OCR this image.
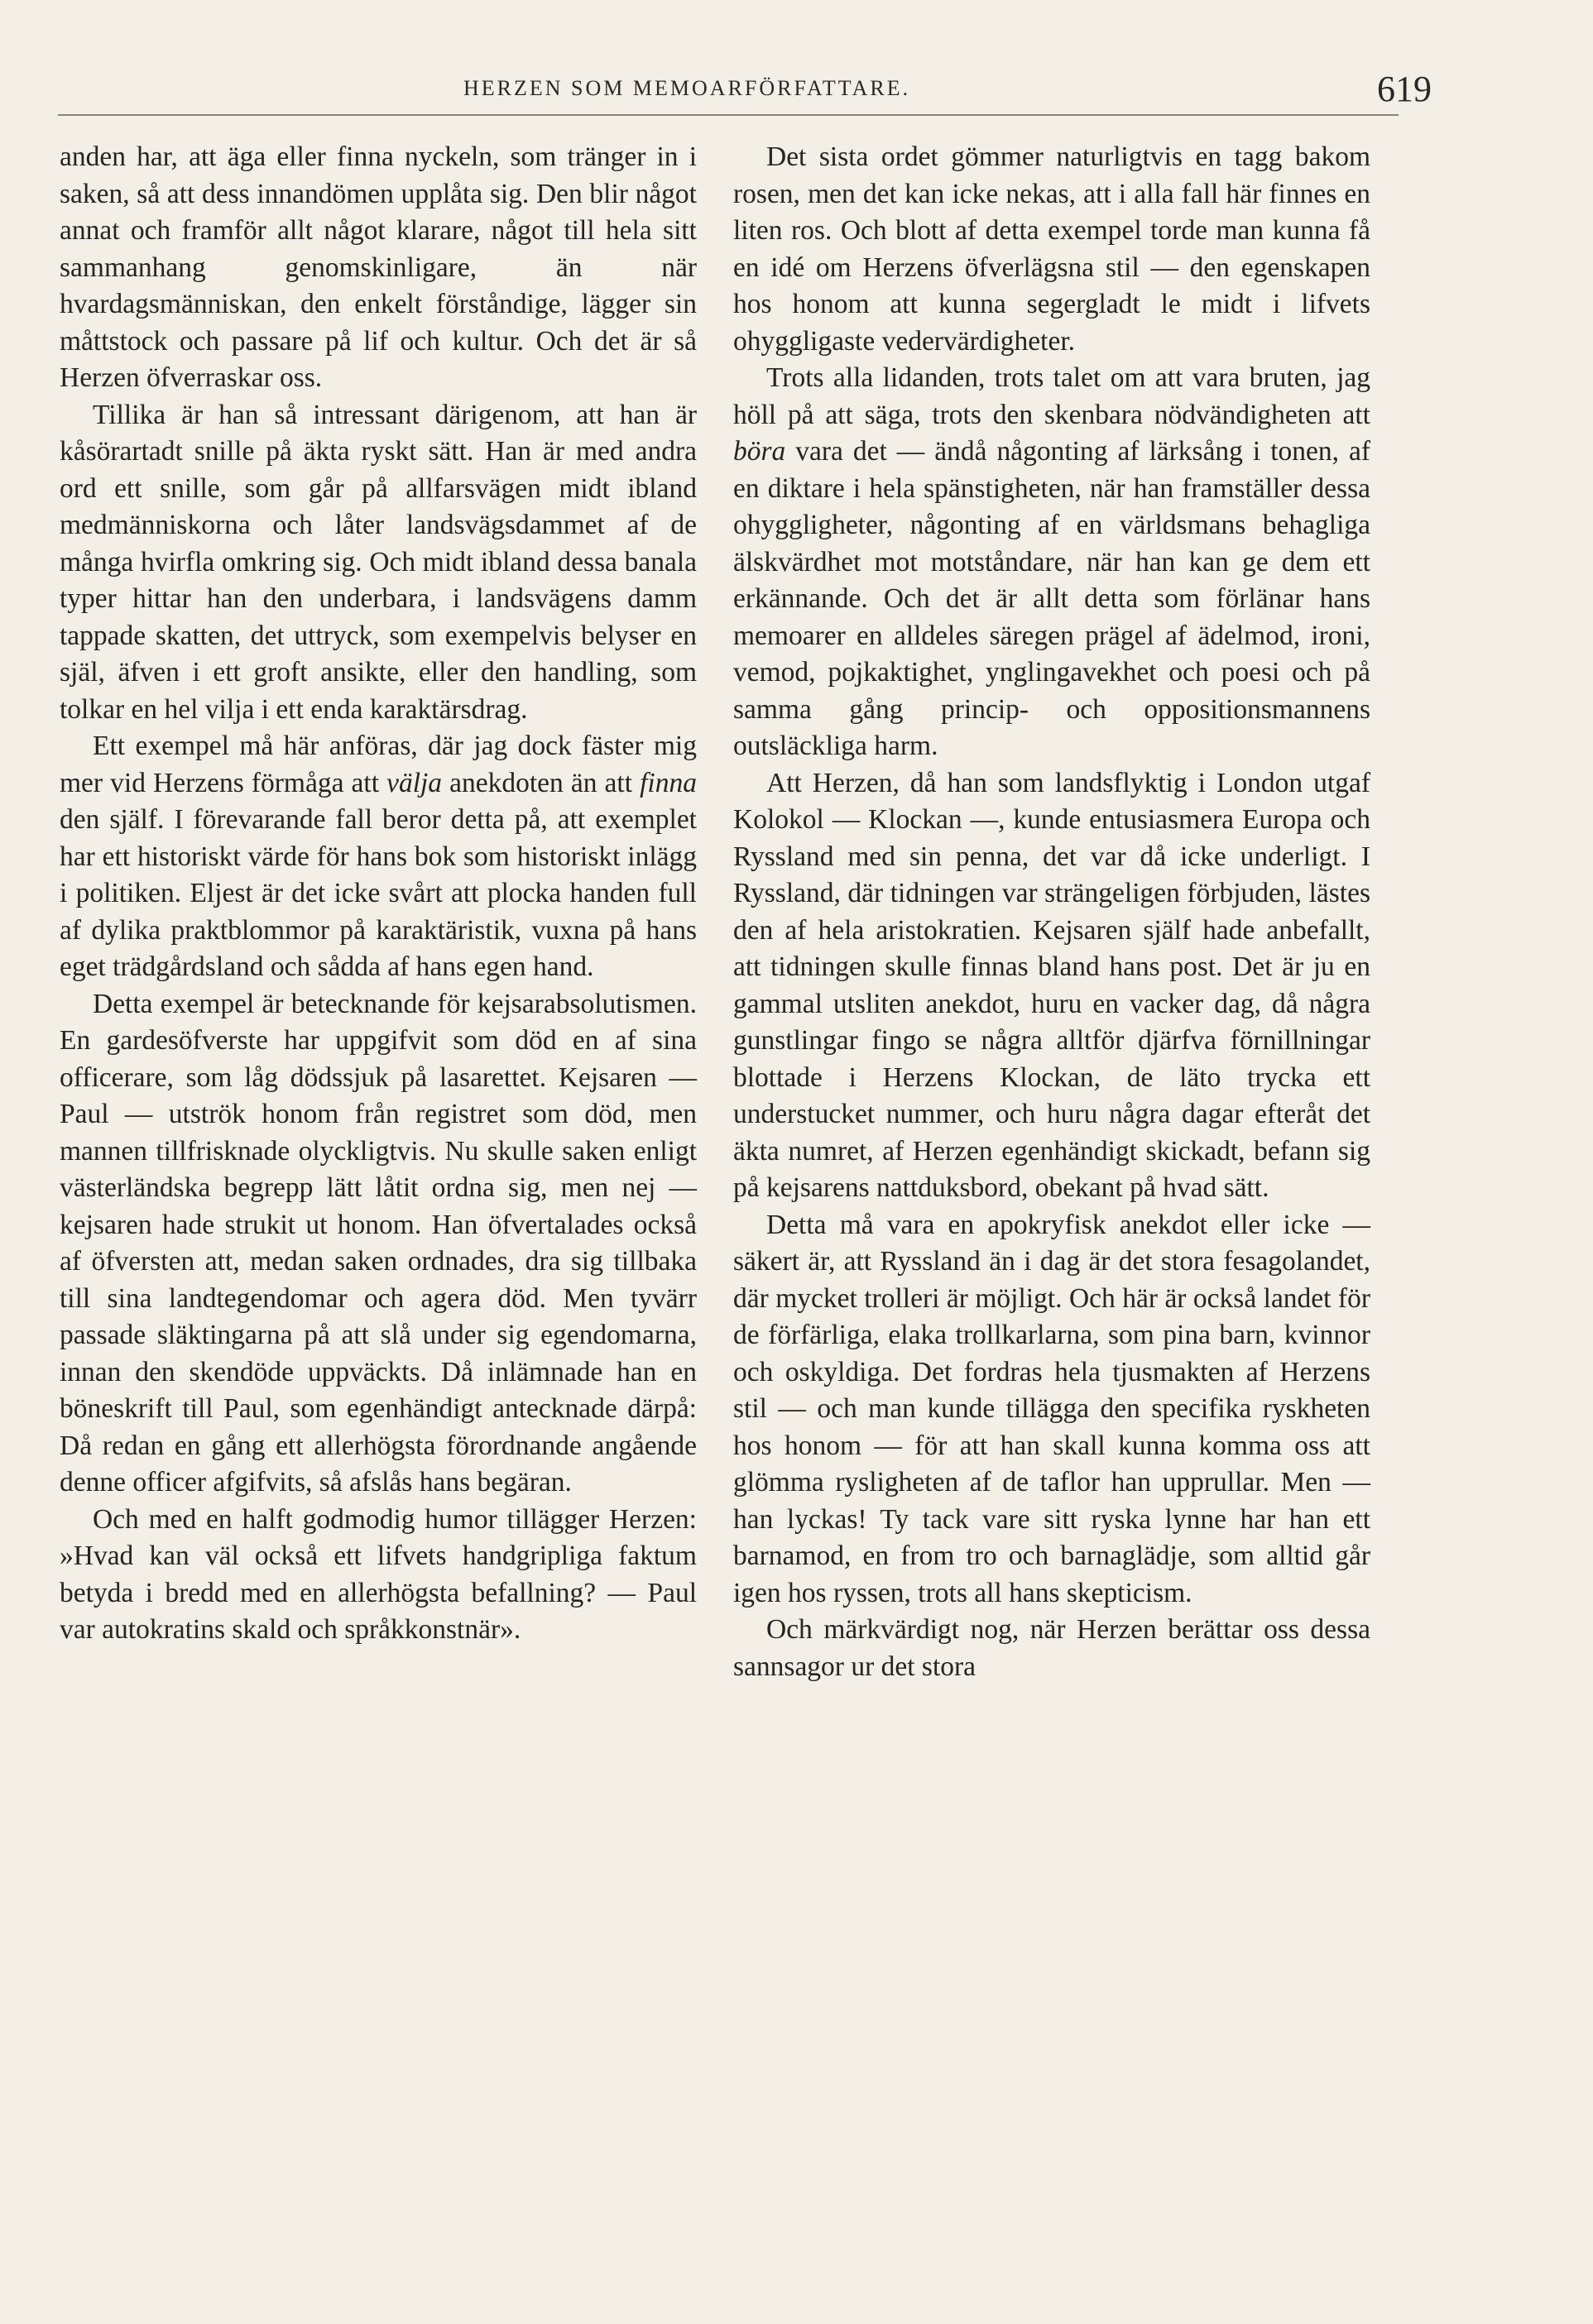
HERZEN SOM MEMOARFÖRFATTARE.	619

anden har, att äga eller finna nyckeln, som tränger in i saken, så att dess innandömen upplåta sig. Den blir något annat och framför allt något klarare, något till hela sitt sammanhang genomskinligare, än när hvardagsmänniskan, den enkelt förståndige, lägger sin måttstock och passare på lif och kultur. Och det är så Herzen öfverraskar oss.

Tillika är han så intressant därigenom, att han är kåsörartadt snille på äkta ryskt sätt. Han är med andra ord ett snille, som går på allfarsvägen midt ibland medmänniskorna och låter landsvägsdammet af de många hvirfla omkring sig. Och midt ibland dessa banala typer hittar han den underbara, i landsvägens damm tappade skatten, det uttryck, som exempelvis belyser en själ, äfven i ett groft ansikte, eller den handling, som tolkar en hel vilja i ett enda karaktärsdrag.

Ett exempel må här anföras, där jag dock fäster mig mer vid Herzens förmåga att välja anekdoten än att finna den själf. I förevarande fall beror detta på, att exemplet har ett historiskt värde för hans bok som historiskt inlägg i politiken. Eljest är det icke svårt att plocka handen full af dylika praktblommor på karaktäristik, vuxna på hans eget trädgårdsland och sådda af hans egen hand.

Detta exempel är betecknande för kejsarabsolutismen. En gardesöfverste har uppgifvit som död en af sina officerare, som låg dödssjuk på lasarettet. Kejsaren — Paul — utströk honom från registret som död, men mannen tillfrisknade olyckligtvis. Nu skulle saken enligt västerländska begrepp lätt låtit ordna sig, men nej — kejsaren hade strukit ut honom. Han öfvertalades också af öfversten att, medan saken ordnades, dra sig tillbaka till sina landtegendomar och agera död. Men tyvärr passade släktingarna på att slå under sig egendomarna, innan den skendöde uppväckts. Då inlämnade han en böneskrift till Paul, som egenhändigt antecknade därpå: Då redan en gång ett allerhögsta förordnande angående denne officer afgifvits, så afslås hans begäran.

Och med en halft godmodig humor tillägger Herzen: »Hvad kan väl också ett lifvets handgripliga faktum betyda i bredd med en allerhögsta befallning? — Paul var autokratins skald och språkkonstnär».

Det sista ordet gömmer naturligtvis en tagg bakom rosen, men det kan icke nekas, att i alla fall här finnes en liten ros. Och blott af detta exempel torde man kunna få en idé om Herzens öfverlägsna stil — den egenskapen hos honom att kunna segergladt le midt i lifvets ohyggligaste vedervärdigheter.

Trots alla lidanden, trots talet om att vara bruten, jag höll på att säga, trots den skenbara nödvändigheten att böra vara det — ändå någonting af lärksång i tonen, af en diktare i hela spänstigheten, när han framställer dessa ohyggligheter, någonting af en världsmans behagliga älskvärdhet mot motståndare, när han kan ge dem ett erkännande. Och det är allt detta som förlänar hans memoarer en alldeles säregen prägel af ädelmod, ironi, vemod, pojkaktighet, ynglingavekhet och poesi och på samma gång princip- och oppositionsmannens outsläckliga harm.

Att Herzen, då han som landsflyktig i London utgaf Kolokol — Klockan —, kunde entusiasmera Europa och Ryssland med sin penna, det var då icke underligt. I Ryssland, där tidningen var strängeligen förbjuden, lästes den af hela aristokratien. Kejsaren själf hade anbefallt, att tidningen skulle finnas bland hans post. Det är ju en gammal utsliten anekdot, huru en vacker dag, då några gunstlingar fingo se några alltför djärfva förnillningar blottade i Herzens Klockan, de läto trycka ett understucket nummer, och huru några dagar efteråt det äkta numret, af Herzen egenhändigt skickadt, befann sig på kejsarens nattduksbord, obekant på hvad sätt.

Detta må vara en apokryfisk anekdot eller icke — säkert är, att Ryssland än i dag är det stora fesagolandet, där mycket trolleri är möjligt. Och här är också landet för de förfärliga, elaka trollkarlarna, som pina barn, kvinnor och oskyldiga. Det fordras hela tjusmakten af Herzens stil — och man kunde tillägga den specifika ryskheten hos honom — för att han skall kunna komma oss att glömma rysligheten af de taflor han upprullar. Men — han lyckas! Ty tack vare sitt ryska lynne har han ett barnamod, en from tro och barnaglädje, som alltid går igen hos ryssen, trots all hans skepticism.

Och märkvärdigt nog, när Herzen berättar oss dessa sannsagor ur det stora
